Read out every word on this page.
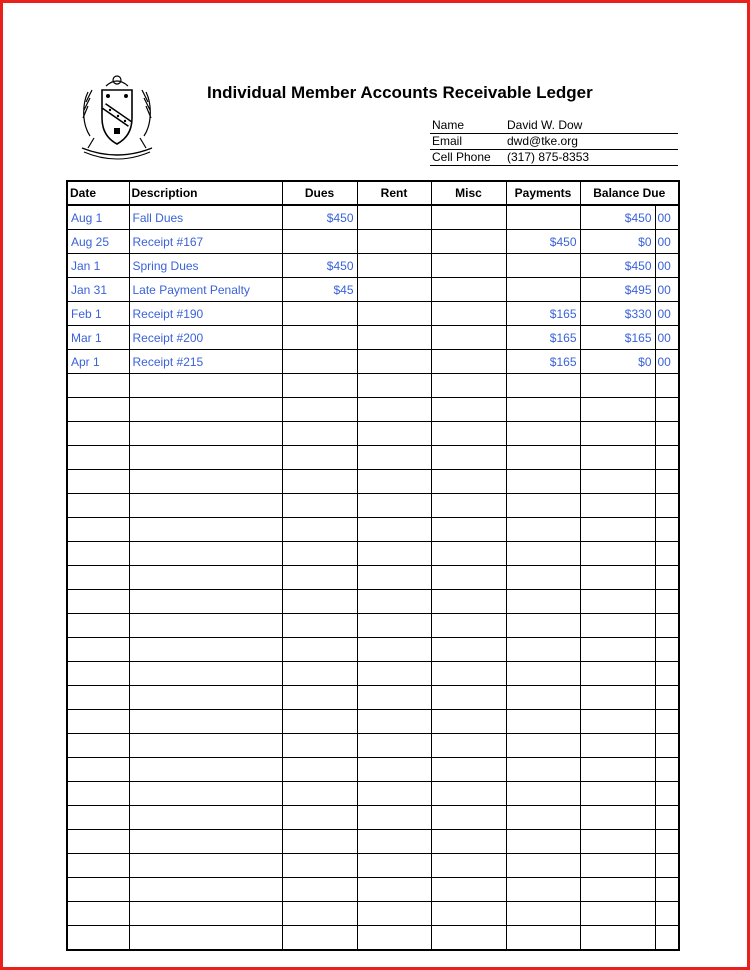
Individual Member Accounts Receivable Ledger
Name	David W. Dow
Email	dwd@tke.org
Cell Phone (317) 875-8353
Date	Description	Dues	Rent	Misc	Payments	Balance Due	
Aug 1	Fall Dues	$450				$450	00
Aug 25	Receipt #167				$450	$0	00
Jan 1	Spring Dues	$450				$450	00
Jan 31	Late Payment Penalty	$45				$495	00
Feb 1	Receipt #190				$165	$330	00
Mar 1	Receipt #200				$165	$165	00
Apr 1	Receipt #215				$165	$0	00
